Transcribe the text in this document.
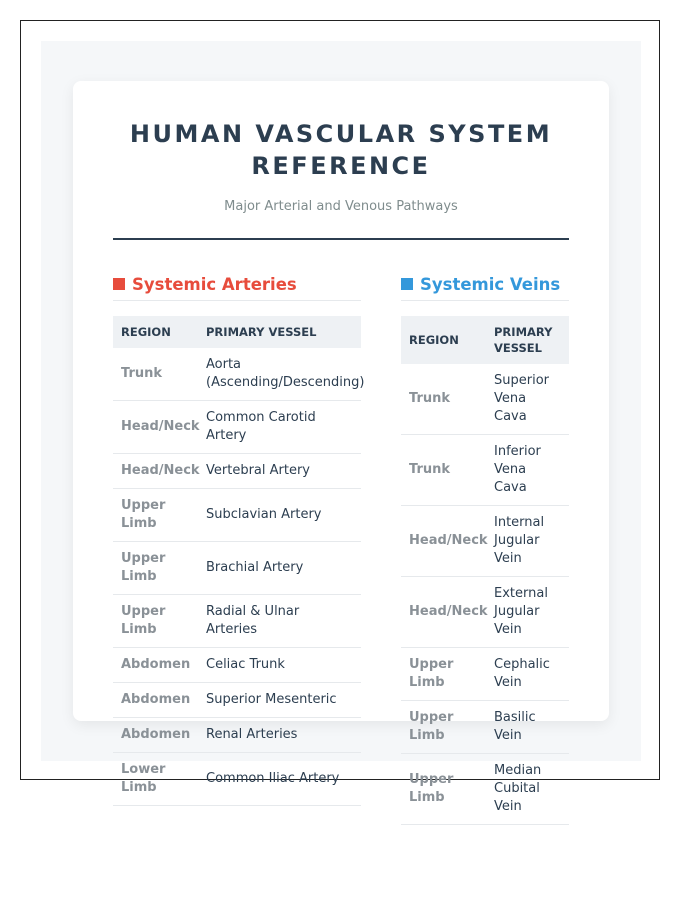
HUMAN VASCULAR SYSTEM REFERENCE
Major Arterial and Venous Pathways
Systemic Arteries
REGION	PRIMARY VESSEL
Trunk	Aorta (Ascending/Descending)
Head/Neck	Common Carotid Artery
Head/Neck	Vertebral Artery
Upper Limb	Subclavian Artery
Upper Limb	Brachial Artery
Upper Limb	Radial & Ulnar Arteries
Abdomen	Celiac Trunk
Abdomen	Superior Mesenteric
Abdomen	Renal Arteries
Lower Limb	Common Iliac Artery
Systemic Veins
REGION	PRIMARY VESSEL
Trunk	Superior Vena Cava
Trunk	Inferior Vena Cava
Head/Neck	Internal Jugular Vein
Head/Neck	External Jugular Vein
Upper Limb	Cephalic Vein
Upper Limb	Basilic Vein
Upper Limb	Median Cubital Vein
